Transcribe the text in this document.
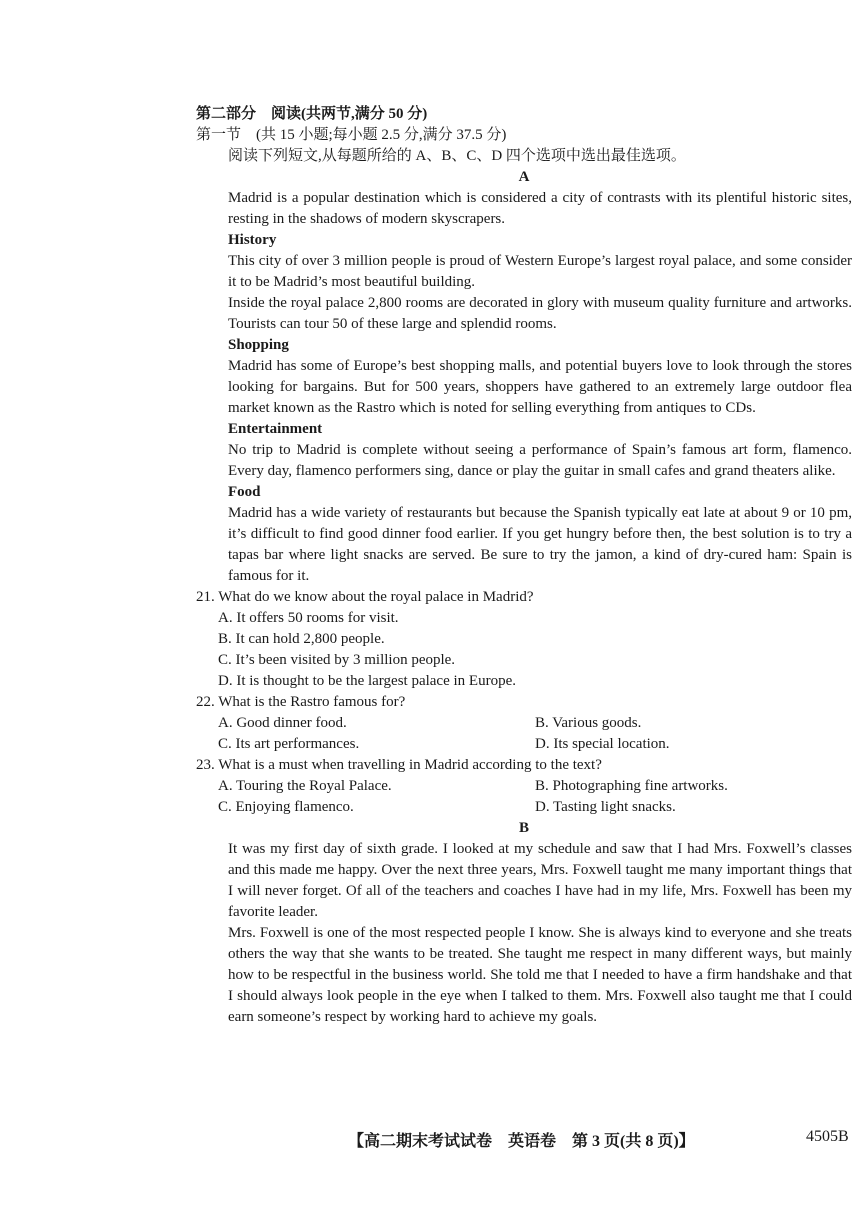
第二部分　阅读(共两节,满分 50 分)
第一节　(共 15 小题;每小题 2.5 分,满分 37.5 分)
阅读下列短文,从每题所给的 A、B、C、D 四个选项中选出最佳选项。
A
Madrid is a popular destination which is considered a city of contrasts with its plentiful historic sites, resting in the shadows of modern skyscrapers.
History
This city of over 3 million people is proud of Western Europe’s largest royal palace, and some consider it to be Madrid’s most beautiful building.
Inside the royal palace 2,800 rooms are decorated in glory with museum quality furniture and artworks. Tourists can tour 50 of these large and splendid rooms.
Shopping
Madrid has some of Europe’s best shopping malls, and potential buyers love to look through the stores looking for bargains. But for 500 years, shoppers have gathered to an extremely large outdoor flea market known as the Rastro which is noted for selling everything from antiques to CDs.
Entertainment
No trip to Madrid is complete without seeing a performance of Spain’s famous art form, flamenco. Every day, flamenco performers sing, dance or play the guitar in small cafes and grand theaters alike.
Food
Madrid has a wide variety of restaurants but because the Spanish typically eat late at about 9 or 10 pm, it’s difficult to find good dinner food earlier. If you get hungry before then, the best solution is to try a tapas bar where light snacks are served. Be sure to try the jamon, a kind of dry-cured ham: Spain is famous for it.
21. What do we know about the royal palace in Madrid?
A. It offers 50 rooms for visit.
B. It can hold 2,800 people.
C. It’s been visited by 3 million people.
D. It is thought to be the largest palace in Europe.
22. What is the Rastro famous for?
A. Good dinner food.	B. Various goods.
C. Its art performances.	D. Its special location.
23. What is a must when travelling in Madrid according to the text?
A. Touring the Royal Palace.	B. Photographing fine artworks.
C. Enjoying flamenco.	D. Tasting light snacks.
B
It was my first day of sixth grade. I looked at my schedule and saw that I had Mrs. Foxwell’s classes and this made me happy. Over the next three years, Mrs. Foxwell taught me many important things that I will never forget. Of all of the teachers and coaches I have had in my life, Mrs. Foxwell has been my favorite leader.
Mrs. Foxwell is one of the most respected people I know. She is always kind to everyone and she treats others the way that she wants to be treated. She taught me respect in many different ways, but mainly how to be respectful in the business world. She told me that I needed to have a firm handshake and that I should always look people in the eye when I talked to them. Mrs. Foxwell also taught me that I could earn someone’s respect by working hard to achieve my goals.
【高二期末考试试卷　英语卷　第 3 页(共 8 页)】	4505B
